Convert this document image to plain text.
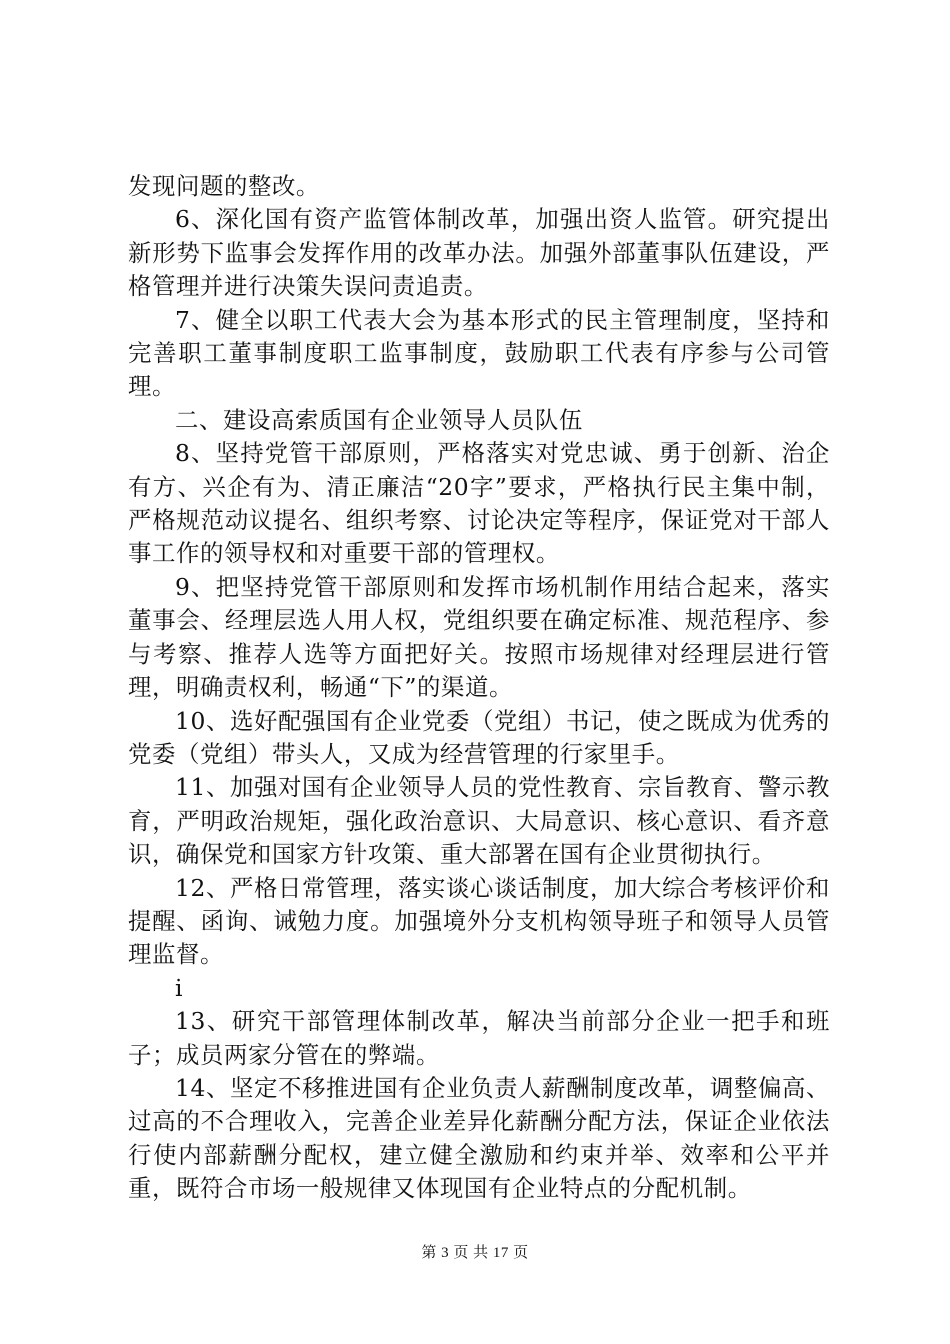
发现问题的整改。

6、深化国有资产监管体制改革，加强出资人监管。研究提出新形势下监事会发挥作用的改革办法。加强外部董事队伍建设，严格管理并进行决策失误问责追责。

7、健全以职工代表大会为基本形式的民主管理制度，坚持和完善职工董事制度职工监事制度，鼓励职工代表有序参与公司管理。

二、建设高索质国有企业领导人员队伍

8、坚持党管干部原则，严格落实对党忠诚、勇于创新、治企有方、兴企有为、清正廉洁“20字”要求，严格执行民主集中制，严格规范动议提名、组织考察、讨论决定等程序，保证党对干部人事工作的领导权和对重要干部的管理权。

9、把坚持党管干部原则和发挥市场机制作用结合起来，落实董事会、经理层选人用人权，党组织要在确定标准、规范程序、参与考察、推荐人选等方面把好关。按照市场规律对经理层进行管理，明确责权利，畅通“下”的渠道。

10、选好配强国有企业党委（党组）书记，使之既成为优秀的党委（党组）带头人，又成为经营管理的行家里手。

11、加强对国有企业领导人员的党性教育、宗旨教育、警示教育，严明政治规矩，强化政治意识、大局意识、核心意识、看齐意识，确保党和国家方针攻策、重大部署在国有企业贯彻执行。

12、严格日常管理，落实谈心谈话制度，加大综合考核评价和提醒、函询、诫勉力度。加强境外分支机构领导班子和领导人员管理监督。

i

13、研究干部管理体制改革，解决当前部分企业一把手和班子；成员两家分管在的弊端。

14、坚定不移推进国有企业负责人薪酬制度改革，调整偏高、过高的不合理收入，完善企业差异化薪酬分配方法，保证企业依法行使内部薪酬分配权，建立健全激励和约束并举、效率和公平并重，既符合市场一般规律又体现国有企业特点的分配机制。

第 3 页 共 17 页
